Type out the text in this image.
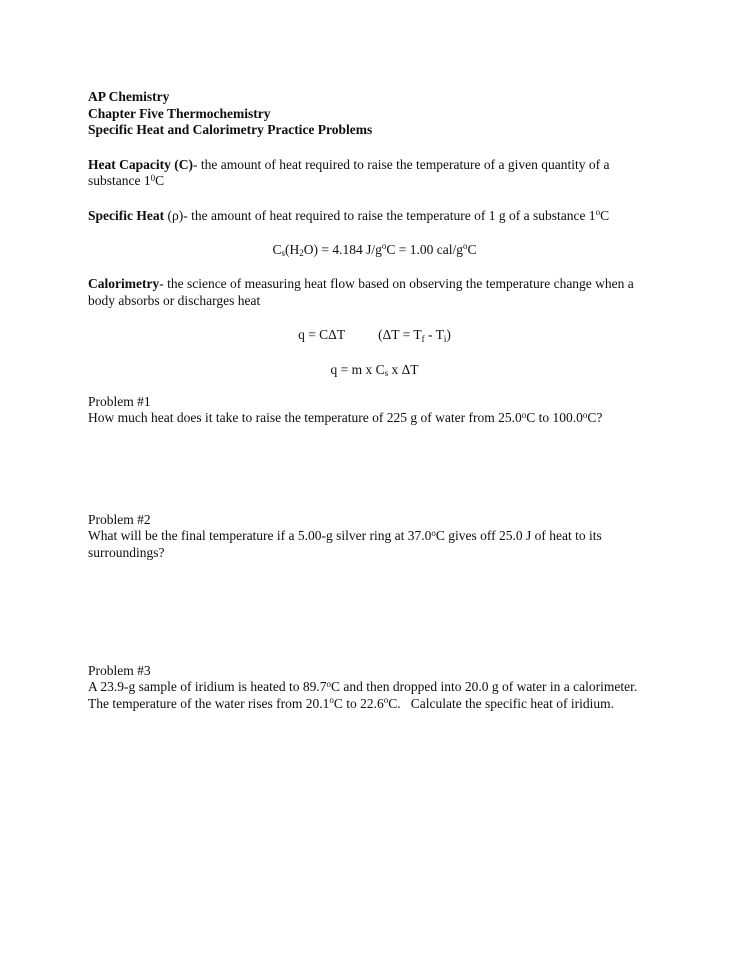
AP Chemistry
Chapter Five Thermochemistry
Specific Heat and Calorimetry Practice Problems

Heat Capacity (C)- the amount of heat required to raise the temperature of a given quantity of a substance $1^0C$

Specific Heat (ρ)- the amount of heat required to raise the temperature of 1 g of a substance 1$^o$C

$C_s(H_2O) = 4.184$ $J/g^oC = 1.00$ cal/$g^oC$

Calorimetry- the science of measuring heat flow based on observing the temperature change when a body absorbs or discharges heat

q = CΔT $(\Delta T = T_f - T_i)$
q = m x $C_s$ x ΔT

Problem #1

How much heat does it take to raise the temperature of 225 g of water from 25.0$^o$C to 100.0$^o$C?

Problem #2

What will be the final temperature if a 5.00-g silver ring at 37.0$^o$C gives off 25.0 J of heat to its surroundings?

Problem #3

A 23.9-g sample of iridium is heated to 89.7$^o$C and then dropped into 20.0 g of water in a calorimeter.   The temperature of the water rises from 20.1$^o$C to 22.6$^o$C.   Calculate the specific heat of iridium.
